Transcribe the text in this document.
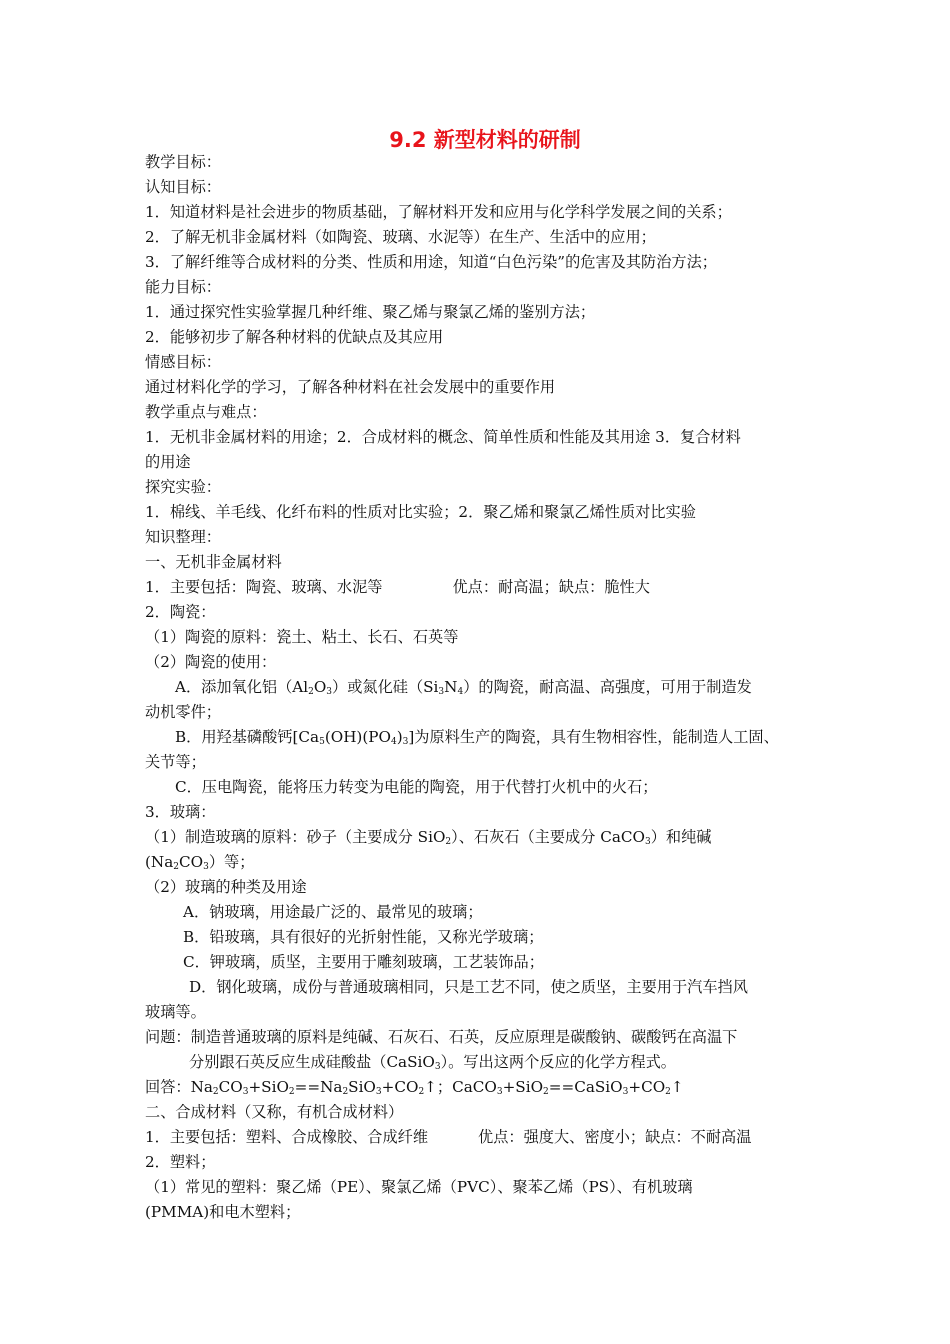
9.2 新型材料的研制
教学目标：
认知目标：
1．知道材料是社会进步的物质基础，了解材料开发和应用与化学科学发展之间的关系；
2．了解无机非金属材料（如陶瓷、玻璃、水泥等）在生产、生活中的应用；
3．了解纤维等合成材料的分类、性质和用途，知道“白色污染”的危害及其防治方法；
能力目标：
1．通过探究性实验掌握几种纤维、聚乙烯与聚氯乙烯的鉴别方法；
2．能够初步了解各种材料的优缺点及其应用
情感目标：
通过材料化学的学习，了解各种材料在社会发展中的重要作用
教学重点与难点：
1．无机非金属材料的用途；2．合成材料的概念、简单性质和性能及其用途 3．复合材料
的用途
探究实验：
1．棉线、羊毛线、化纤布料的性质对比实验；2．聚乙烯和聚氯乙烯性质对比实验
知识整理：
一、无机非金属材料
1．主要包括：陶瓷、玻璃、水泥等	优点：耐高温；缺点：脆性大
2．陶瓷：
（1）陶瓷的原料：瓷土、粘土、长石、石英等
（2）陶瓷的使用：
A．添加氧化铝$(Al_2O_3)$或氮化硅$(Si_3N_4)$的陶瓷，耐高温、高强度，可用于制造发
动机零件；
B．用羟基磷酸钙$[Ca_5(OH)(PO_4)_3]$为原料生产的陶瓷，具有生物相容性，能制造人工固、
关节等；
C．压电陶瓷，能将压力转变为电能的陶瓷，用于代替打火机中的火石；
3．玻璃：
（1）制造玻璃的原料：砂子（主要成分 SiO$_2$）、石灰石（主要成分 CaCO$_3$）和纯碱
$(Na_2CO_3)$等；
（2）玻璃的种类及用途
A．钠玻璃，用途最广泛的、最常见的玻璃；
B．铅玻璃，具有很好的光折射性能，又称光学玻璃；
C．钾玻璃，质坚，主要用于雕刻玻璃，工艺装饰品；
D．钢化玻璃，成份与普通玻璃相同，只是工艺不同，使之质坚，主要用于汽车挡风
玻璃等。
问题：制造普通玻璃的原料是纯碱、石灰石、石英，反应原理是碳酸钠、碳酸钙在高温下
分别跟石英反应生成硅酸盐（CaSiO$_3$）。写出这两个反应的化学方程式。
回答：$Na_2CO_3+SiO_2==Na_2SiO_3+CO_2↑$；$CaCO_3+SiO_2==CaSiO_3+CO_2↑$
二、合成材料（又称，有机合成材料）
1．主要包括：塑料、合成橡胶、合成纤维	优点：强度大、密度小；缺点：不耐高温
2．塑料；
（1）常见的塑料：聚乙烯（PE）、聚氯乙烯（PVC）、聚苯乙烯（PS）、有机玻璃
(PMMA)和电木塑料；
